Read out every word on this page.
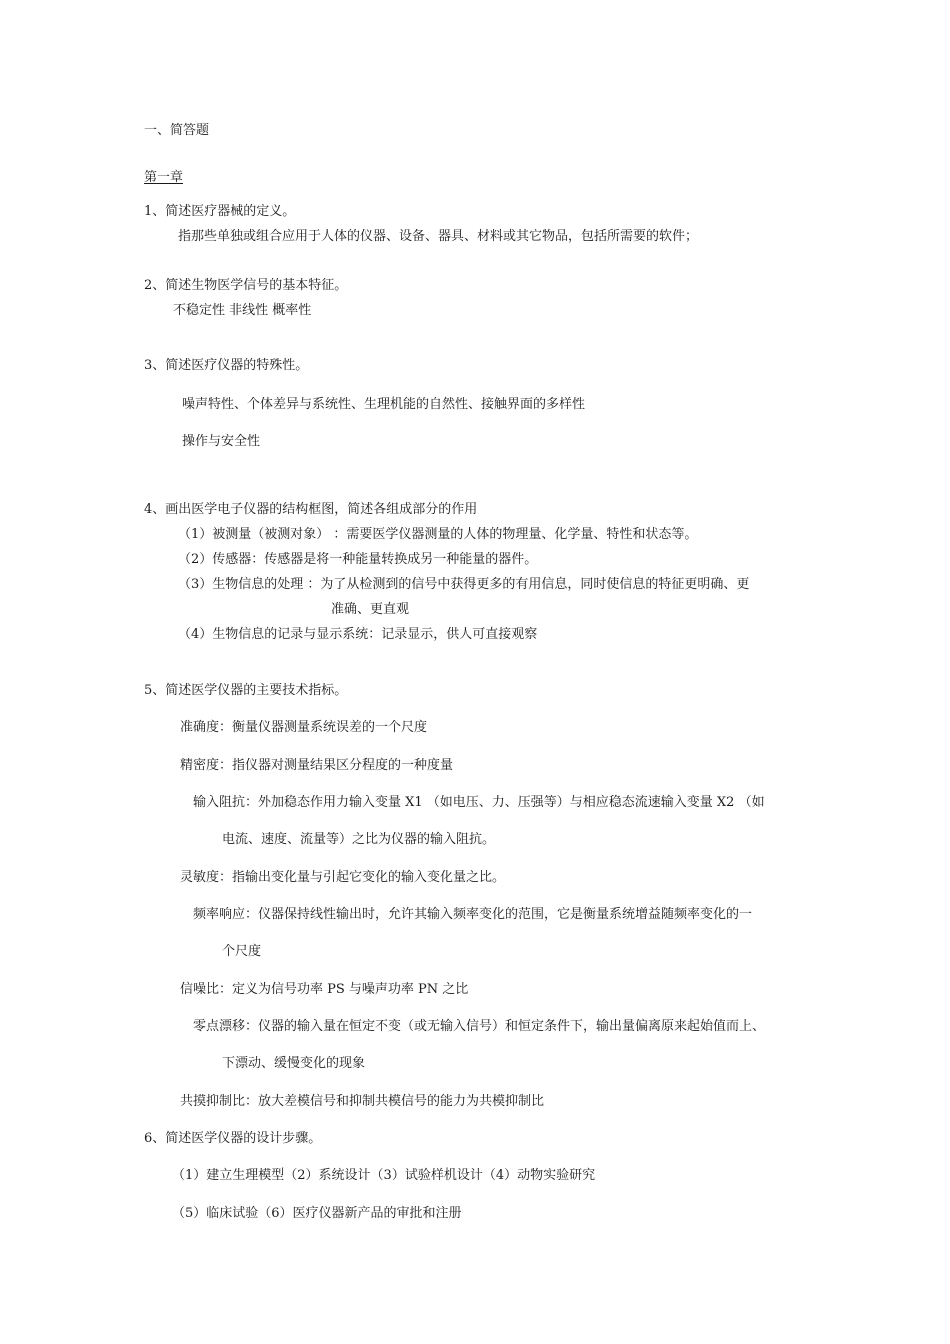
一、简答题
第一章
1、简述医疗器械的定义。
指那些单独或组合应用于人体的仪器、设备、器具、材料或其它物品，包括所需要的软件；
2、简述生物医学信号的基本特征。
不稳定性 非线性 概率性
3、简述医疗仪器的特殊性。
噪声特性、个体差异与系统性、生理机能的自然性、接触界面的多样性
操作与安全性
4、画出医学电子仪器的结构框图，简述各组成部分的作用
（1）被测量（被测对象） ：需要医学仪器测量的人体的物理量、化学量、特性和状态等。
（2）传感器：传感器是将一种能量转换成另一种能量的器件。
（3）生物信息的处理 ：为了从检测到的信号中获得更多的有用信息，同时使信息的特征更明确、更
准确、更直观
（4）生物信息的记录与显示系统：记录显示，供人可直接观察
5、简述医学仪器的主要技术指标。
准确度：衡量仪器测量系统误差的一个尺度
精密度：指仪器对测量结果区分程度的一种度量
输入阻抗：外加稳态作用力输入变量 X1 （如电压、力、压强等）与相应稳态流速输入变量 X2 （如
电流、速度、流量等）之比为仪器的输入阻抗。
灵敏度：指输出变化量与引起它变化的输入变化量之比。
频率响应：仪器保持线性输出时，允许其输入频率变化的范围，它是衡量系统增益随频率变化的一
个尺度
信噪比：定义为信号功率 PS 与噪声功率 PN 之比
零点漂移：仪器的输入量在恒定不变（或无输入信号）和恒定条件下，输出量偏离原来起始值而上、
下漂动、缓慢变化的现象
共摸抑制比：放大差模信号和抑制共模信号的能力为共模抑制比
6、简述医学仪器的设计步骤。
（1）建立生理模型（2）系统设计（3）试验样机设计（4）动物实验研究
（5）临床试验（6）医疗仪器新产品的审批和注册
